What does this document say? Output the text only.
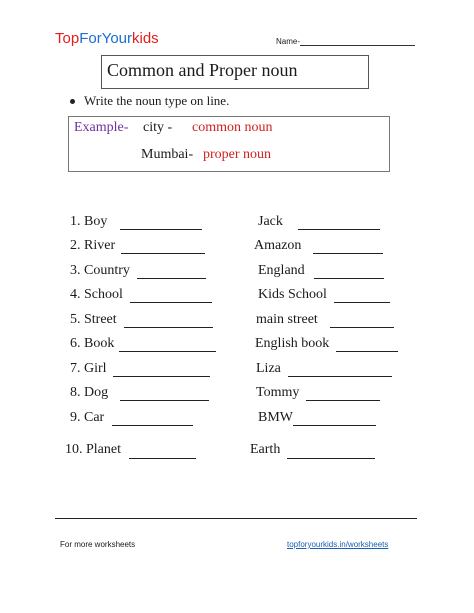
TopForYourkids	Name-
Common and Proper noun
Write the noun type on line.
Example- city - common noun
Mumbai- proper noun
1. Boy	Jack
2. River	Amazon
3. Country	England
4. School	Kids School
5. Street	main street
6. Book	English book
7. Girl	Liza
8. Dog	Tommy
9. Car	BMW
10. Planet	Earth
For more worksheets	topforyourkids.in/worksheets
